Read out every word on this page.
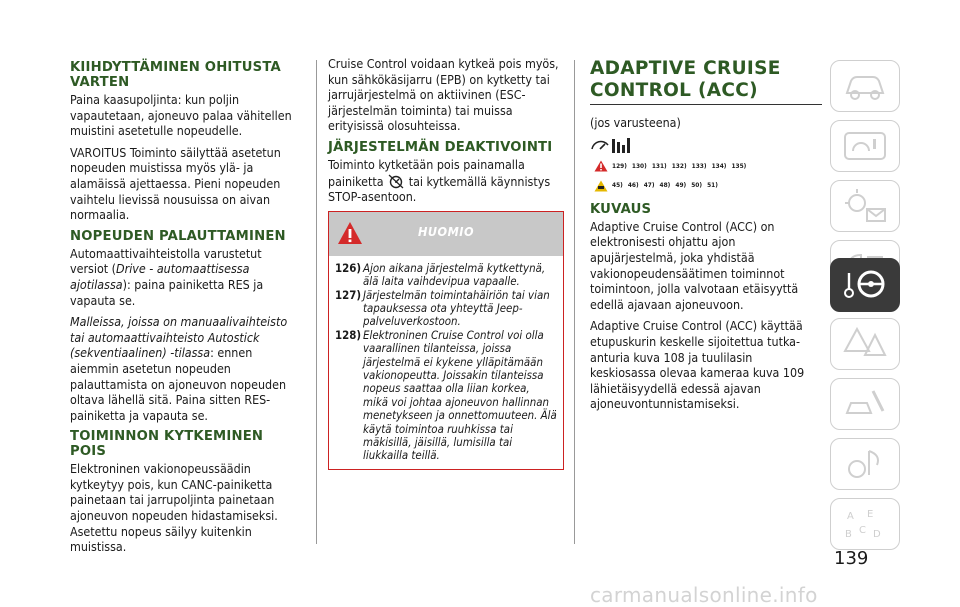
KIIHDYTTÄMINEN OHITUSTA VARTEN

Paina kaasupoljinta: kun poljin vapautetaan, ajoneuvo palaa vähitellen muistini asetetulle nopeudelle.

VAROITUS Toiminto säilyttää asetetun nopeuden muistissa myös ylä- ja alamäissä ajettaessa. Pieni nopeuden vaihtelu lievissä nousuissa on aivan normaalia.

NOPEUDEN PALAUTTAMINEN

Automaattivaihteistolla varustetut versiot (Drive - automaattisessa ajotilassa): paina painiketta RES ja vapauta se.

Malleissa, joissa on manuaalivaihteisto tai automaattivaihteisto Autostick (sekventiaalinen) -tilassa: ennen aiemmin asetetun nopeuden palauttamista on ajoneuvon nopeuden oltava lähellä sitä. Paina sitten RES-painiketta ja vapauta se.

TOIMINNON KYTKEMINEN POIS

Elektroninen vakionopeussäädin kytkeytyy pois, kun CANC-painiketta painetaan tai jarrupoljinta painetaan ajoneuvon nopeuden hidastamiseksi. Asetettu nopeus säilyy kuitenkin muistissa.

Cruise Control voidaan kytkeä pois myös, kun sähkökäsijarru (EPB) on kytketty tai jarrujärjestelmä on aktiivinen (ESC-järjestelmän toiminta) tai muissa erityisissä olosuhteissa.

JÄRJESTELMÄN DEAKTIVOINTI

Toiminto kytketään pois painamalla painiketta tai kytkemällä käynnistys STOP-asentoon.

HUOMIO
126) Ajon aikana järjestelmä kytkettynä, älä laita vaihdevipua vapaalle.
127) Järjestelmän toimintahäiriön tai vian tapauksessa ota yhteyttä Jeep-palveluverkostoon.
128) Elektroninen Cruise Control voi olla vaarallinen tilanteissa, joissa järjestelmä ei kykene ylläpitämään vakionopeutta. Joissakin tilanteissa nopeus saattaa olla liian korkea, mikä voi johtaa ajoneuvon hallinnan menetykseen ja onnettomuuteen. Älä käytä toimintoa ruuhkissa tai mäkisillä, jäisillä, lumisilla tai liukkailla teillä.
ADAPTIVE CRUISE
CONTROL (ACC)

(jos varusteena)

129) 130) 131) 132) 133) 134) 135)
45) 46) 47) 48) 49) 50) 51)
KUVAUS

Adaptive Cruise Control (ACC) on elektronisesti ohjattu ajon apujärjestelmä, joka yhdistää vakionopeudensäätimen toiminnot toimintoon, jolla valvotaan etäisyyttä edellä ajavaan ajoneuvoon.

Adaptive Cruise Control (ACC) käyttää etupuskurin keskelle sijoitettua tutka-anturia kuva 108 ja tuulilasin keskiosassa olevaa kameraa kuva 109 lähietäisyydellä edessä ajavan ajoneuvontunnistamiseksi.

A E
B C D
139
carmanualsonline.info
